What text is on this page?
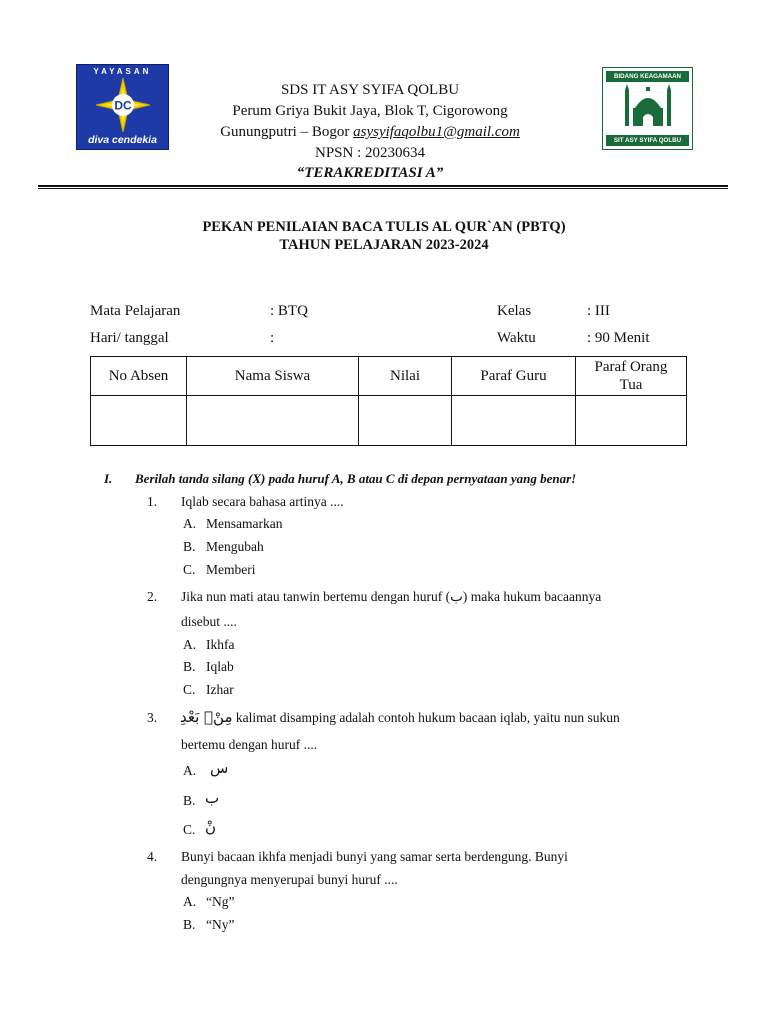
YAYASAN
DC
diva cendekia
BIDANG KEAGAMAAN
SIT ASY SYIFA QOLBU
SDS IT ASY SYIFA QOLBU
Perum Griya Bukit Jaya, Blok T, Cigorowong
Gunungputri – Bogor asysyifaqolbu1@gmail.com
NPSN : 20230634
“TERAKREDITASI A”
PEKAN PENILAIAN BACA TULIS AL QUR`AN (PBTQ)
TAHUN PELAJARAN 2023-2024
Mata Pelajaran	: BTQ	Kelas	: III
Hari/ tanggal	:	Waktu	: 90 Menit
No Absen	Nama Siswa	Nilai	Paraf Guru	Paraf Orang Tua

I. Berilah tanda silang (X) pada huruf A, B atau C di depan pernyataan yang benar!
1. Iqlab secara bahasa artinya ....
A. Mensamarkan
B. Mengubah
C. Memberi
2. Jika nun mati atau tanwin bertemu dengan huruf (ب) maka hukum bacaannya
disebut ....
A. Ikhfa
B. Iqlab
C. Izhar
3. مِنْۢ بَعْدِ kalimat disamping adalah contoh hukum bacaan iqlab, yaitu nun sukun
bertemu dengan huruf ....
A. س
B. ب
C. نْ
4. Bunyi bacaan ikhfa menjadi bunyi yang samar serta berdengung. Bunyi
dengungnya menyerupai bunyi huruf ....
A. “Ng”
B. “Ny”
